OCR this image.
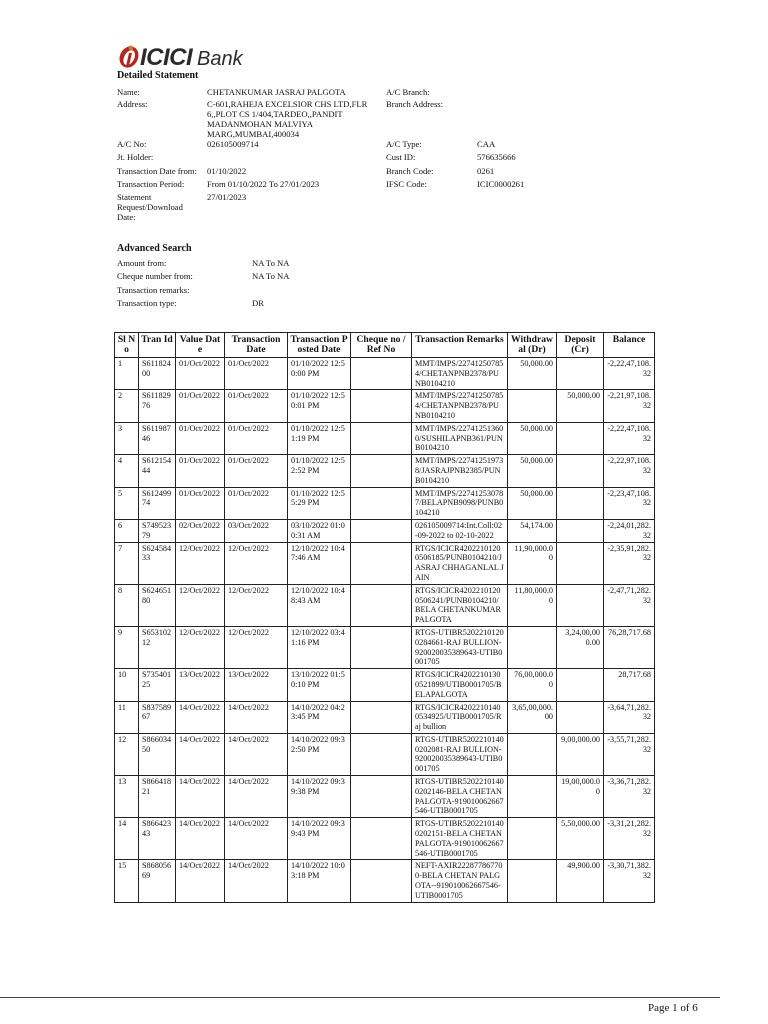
ICICI Bank
Detailed Statement
Name:	CHETANKUMAR JASRAJ PALGOTA
Address:	C-601,RAHEJA EXCELSIOR CHS LTD,FLR 6,,PLOT CS 1/404,TARDEO,,PANDIT MADANMOHAN MALVIYA MARG,MUMBAI,400034
A/C No:	026105009714
Jt. Holder:
Transaction Date from: 01/10/2022
Transaction Period:	From 01/10/2022 To 27/01/2023
Statement Request/Download Date:
27/01/2023
A/C Branch:
Branch Address:
A/C Type:	CAA
Cust ID:	576635666
Branch Code:	0261
IFSC Code:	ICIC0000261
Advanced Search
Amount from:	NA To NA
Cheque number from:	NA To NA
Transaction remarks:
Transaction type:	DR
Sl No	Tran Id	Value Date	Transaction Date	Transaction Posted Date	Cheque no / Ref No	Transaction Remarks	Withdrawal (Dr)	Deposit (Cr)	Balance
1	S61182400	01/Oct/2022	01/Oct/2022	01/10/2022 12:50:00 PM		MMT/IMPS/227412507854/CHETANPNB2378/PUNB0104210	50,000.00		-2,22,47,108.32
2	S61182976	01/Oct/2022	01/Oct/2022	01/10/2022 12:50:01 PM		MMT/IMPS/227412507854/CHETANPNB2378/PUNB0104210		50,000.00	-2,21,97,108.32
3	S61198746	01/Oct/2022	01/Oct/2022	01/10/2022 12:51:19 PM		MMT/IMPS/227412513600/SUSHILAPNB361/PUNB0104210	50,000.00		-2,22,47,108.32
4	S61215444	01/Oct/2022	01/Oct/2022	01/10/2022 12:52:52 PM		MMT/IMPS/227412519738/JASRAJPNB2385/PUNB0104210	50,000.00		-2,22,97,108.32
5	S61249974	01/Oct/2022	01/Oct/2022	01/10/2022 12:55:29 PM		MMT/IMPS/227412530787/BELAPNB9098/PUNB0104210	50,000.00		-2,23,47,108.32
6	S74952379	02/Oct/2022	03/Oct/2022	03/10/2022 01:00:31 AM		026105009714:Int.Coll:02-09-2022 to 02-10-2022	54,174.00		-2,24,01,282.32
7	S62458433	12/Oct/2022	12/Oct/2022	12/10/2022 10:47:46 AM		RTGS/ICICR42022101200506185/PUNB0104210/JASRAJ CHHAGANLAL JAIN	11,90,000.00		-2,35,91,282.32
8	S62465180	12/Oct/2022	12/Oct/2022	12/10/2022 10:48:43 AM		RTGS/ICICR42022101200506241/PUNB0104210/BELA CHETANKUMAR PALGOTA	11,80,000.00		-2,47,71,282.32
9	S65310212	12/Oct/2022	12/Oct/2022	12/10/2022 03:41:16 PM		RTGS-UTIBR52022101200284661-RAJ BULLION-920020035389643-UTIB0001705		3,24,00,000.00	76,28,717.68
10	S73540125	13/Oct/2022	13/Oct/2022	13/10/2022 01:50:10 PM		RTGS/ICICR42022101300521899/UTIB0001705/BELAPALGOTA	76,00,000.00		28,717.68
11	S83758967	14/Oct/2022	14/Oct/2022	14/10/2022 04:23:45 PM		RTGS/ICICR42022101400534925/UTIB0001705/Raj bullion	3,65,00,000.00		-3,64,71,282.32
12	S86603450	14/Oct/2022	14/Oct/2022	14/10/2022 09:32:50 PM		RTGS-UTIBR52022101400202081-RAJ BULLION-920020035389643-UTIB0001705		9,00,000.00	-3,55,71,282.32
13	S86641821	14/Oct/2022	14/Oct/2022	14/10/2022 09:39:38 PM		RTGS-UTIBR52022101400202146-BELA CHETAN PALGOTA-919010062667546-UTIB0001705		19,00,000.00	-3,36,71,282.32
14	S86642343	14/Oct/2022	14/Oct/2022	14/10/2022 09:39:43 PM		RTGS-UTIBR52022101400202151-BELA CHETAN PALGOTA-919010062667546-UTIB0001705		5,50,000.00	-3,31,21,282.32
15	S86805669	14/Oct/2022	14/Oct/2022	14/10/2022 10:03:18 PM		NEFT-AXIR222877867700-BELA CHETAN PALGOTA--919010062667546-UTIB0001705		49,900.00	-3,30,71,382.32
Page 1 of 6
